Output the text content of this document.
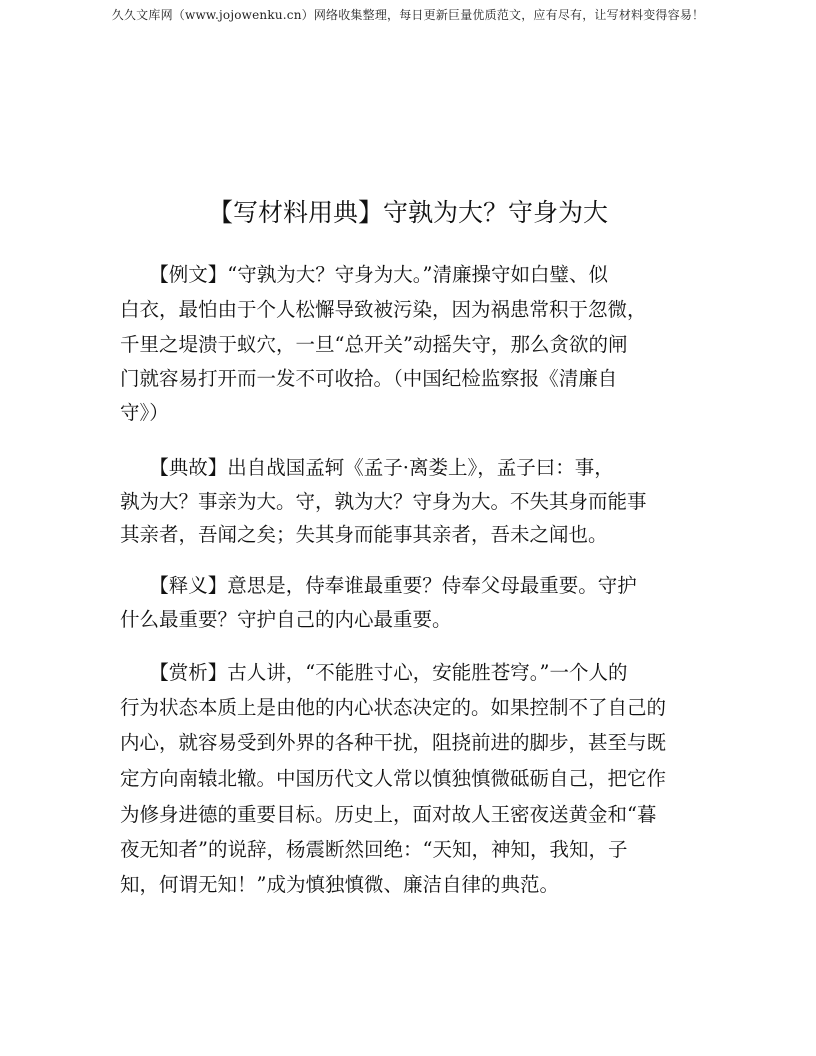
久久文库网（www.jojowenku.cn）网络收集整理，每日更新巨量优质范文，应有尽有，让写材料变得容易！
【写材料用典】守孰为大？守身为大
　　【例文】“守孰为大？守身为大。”清廉操守如白璧、似
白衣，最怕由于个人松懈导致被污染，因为祸患常积于忽微，
千里之堤溃于蚁穴，一旦“总开关”动摇失守，那么贪欲的闸
门就容易打开而一发不可收拾。（中国纪检监察报《清廉自
守》）
　　【典故】出自战国孟轲《孟子·离娄上》，孟子曰：事，
孰为大？事亲为大。守，孰为大？守身为大。不失其身而能事
其亲者，吾闻之矣；失其身而能事其亲者，吾未之闻也。
　　【释义】意思是，侍奉谁最重要？侍奉父母最重要。守护
什么最重要？守护自己的内心最重要。
　　【赏析】古人讲，“不能胜寸心，安能胜苍穹。”一个人的
行为状态本质上是由他的内心状态决定的。如果控制不了自己的
内心，就容易受到外界的各种干扰，阻挠前进的脚步，甚至与既
定方向南辕北辙。中国历代文人常以慎独慎微砥砺自己，把它作
为修身进德的重要目标。历史上，面对故人王密夜送黄金和“暮
夜无知者”的说辞，杨震断然回绝：“天知，神知，我知，子
知，何谓无知！”成为慎独慎微、廉洁自律的典范。
